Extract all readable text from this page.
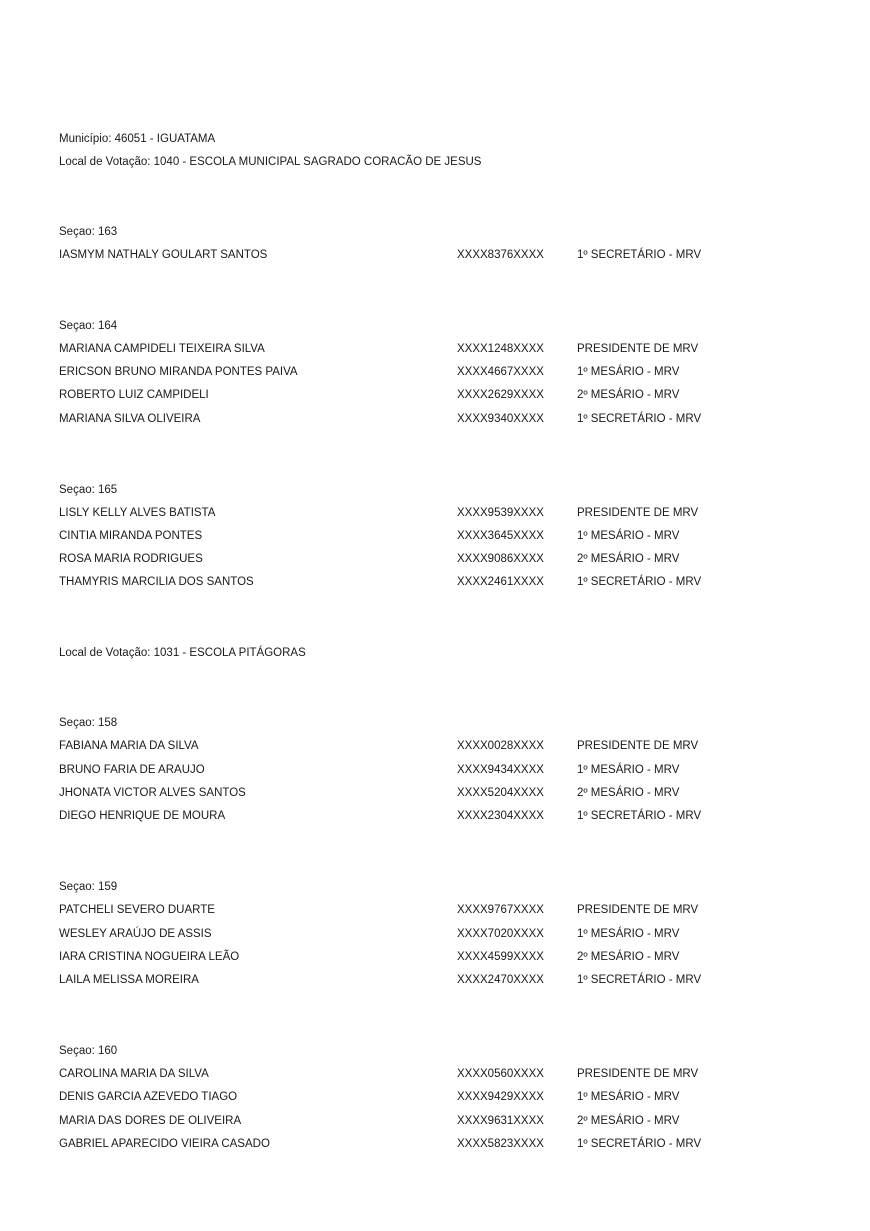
Município: 46051 - IGUATAMA
Local de Votação: 1040 - ESCOLA MUNICIPAL SAGRADO CORACÃO DE JESUS
Seçao: 163
IASMYM NATHALY GOULART SANTOS	XXXX8376XXXX	1º SECRETÁRIO - MRV
Seçao: 164
MARIANA CAMPIDELI TEIXEIRA SILVA	XXXX1248XXXX	PRESIDENTE DE MRV
ERICSON BRUNO MIRANDA PONTES PAIVA	XXXX4667XXXX	1º MESÁRIO - MRV
ROBERTO LUIZ CAMPIDELI	XXXX2629XXXX	2º MESÁRIO - MRV
MARIANA SILVA OLIVEIRA	XXXX9340XXXX	1º SECRETÁRIO - MRV
Seçao: 165
LISLY KELLY ALVES BATISTA	XXXX9539XXXX	PRESIDENTE DE MRV
CINTIA MIRANDA PONTES	XXXX3645XXXX	1º MESÁRIO - MRV
ROSA MARIA RODRIGUES	XXXX9086XXXX	2º MESÁRIO - MRV
THAMYRIS MARCILIA DOS SANTOS	XXXX2461XXXX	1º SECRETÁRIO - MRV
Local de Votação: 1031 - ESCOLA PITÁGORAS
Seçao: 158
FABIANA MARIA DA SILVA	XXXX0028XXXX	PRESIDENTE DE MRV
BRUNO FARIA DE ARAUJO	XXXX9434XXXX	1º MESÁRIO - MRV
JHONATA VICTOR ALVES SANTOS	XXXX5204XXXX	2º MESÁRIO - MRV
DIEGO HENRIQUE DE MOURA	XXXX2304XXXX	1º SECRETÁRIO - MRV
Seçao: 159
PATCHELI SEVERO DUARTE	XXXX9767XXXX	PRESIDENTE DE MRV
WESLEY ARAÚJO DE ASSIS	XXXX7020XXXX	1º MESÁRIO - MRV
IARA CRISTINA NOGUEIRA LEÃO	XXXX4599XXXX	2º MESÁRIO - MRV
LAILA MELISSA MOREIRA	XXXX2470XXXX	1º SECRETÁRIO - MRV
Seçao: 160
CAROLINA MARIA DA SILVA	XXXX0560XXXX	PRESIDENTE DE MRV
DENIS GARCIA AZEVEDO TIAGO	XXXX9429XXXX	1º MESÁRIO - MRV
MARIA DAS DORES DE OLIVEIRA	XXXX9631XXXX	2º MESÁRIO - MRV
GABRIEL APARECIDO VIEIRA CASADO	XXXX5823XXXX	1º SECRETÁRIO - MRV
